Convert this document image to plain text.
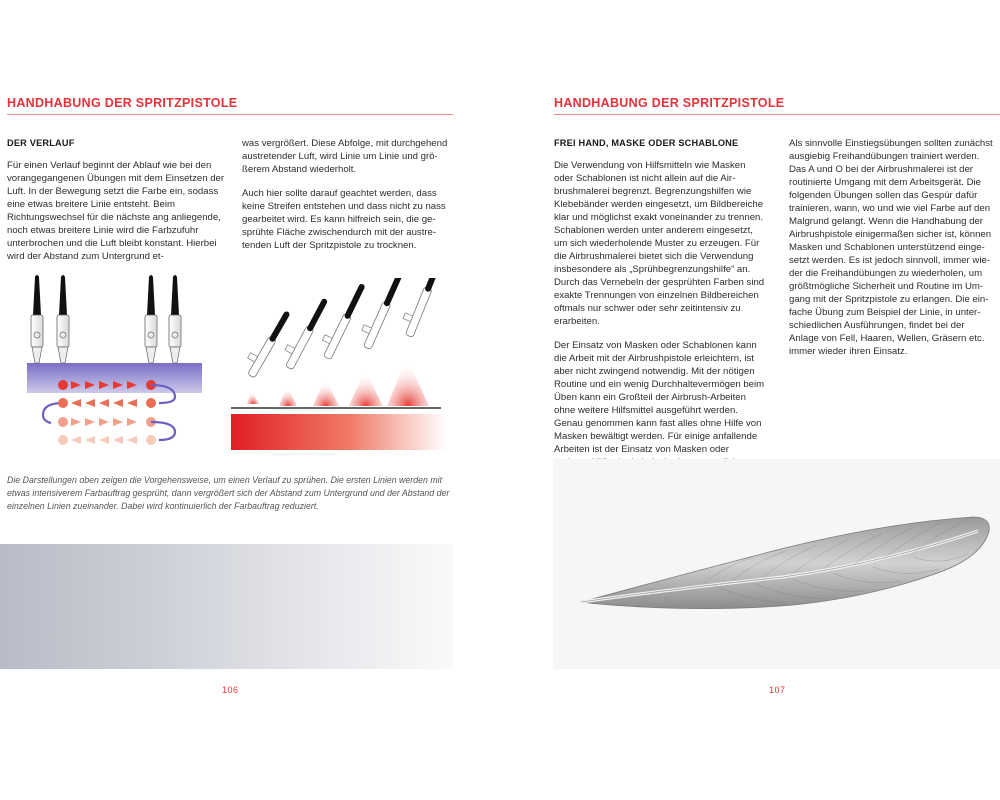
HANDHABUNG DER SPRITZPISTOLE
DER VERLAUF

Für einen Verlauf beginnt der Ablauf wie bei den vorangegangenen Übungen mit dem Einsetzen der Luft. In der Bewegung setzt die Farbe ein, sodass eine etwas breitere Linie entsteht. Beim Richtungswechsel für die nächste ang anliegende, noch etwas breitere Linie wird die Farbzufuhr unterbrochen und die Luft bleibt konstant. Hierbei wird der Abstand zum Untergrund et-

was vergrößert. Diese Abfolge, mit durchgehend austretender Luft, wird Linie um Linie und größerem Abstand wiederholt.

Auch hier sollte darauf geachtet werden, dass keine Streifen entstehen und dass nicht zu nass gearbeitet wird. Es kann hilfreich sein, die gesprühte Fläche zwischendurch mit der austretenden Luft der Spritzpistole zu trocknen.

Die Darstellungen oben zeigen die Vorgehensweise, um einen Verlauf zu sprühen. Die ersten Linien werden mit etwas intensiverem Farbauftrag gesprüht, dann vergrößert sich der Abstand zum Untergrund und der Abstand der einzelnen Linien zueinander. Dabei wird kontinuierlich der Farbauftrag reduziert.
106
HANDHABUNG DER SPRITZPISTOLE
FREI HAND, MASKE ODER SCHABLONE

Die Verwendung von Hilfsmitteln wie Masken oder Schablonen ist nicht allein auf die Airbrushmalerei begrenzt. Begrenzungshilfen wie Klebebänder werden eingesetzt, um Bildbereiche klar und möglichst exakt voneinander zu trennen. Schablonen werden unter anderem eingesetzt, um sich wiederholende Muster zu erzeugen. Für die Airbrushmalerei bietet sich die Verwendung insbesondere als „Sprühbegrenzungshilfe“ an. Durch das Vernebeln der gesprühten Farben sind exakte Trennungen von einzelnen Bildbereichen oftmals nur schwer oder sehr zeitintensiv zu erarbeiten.

Der Einsatz von Masken oder Schablonen kann die Arbeit mit der Airbrushpistole erleichtern, ist aber nicht zwingend notwendig. Mit der nötigen Routine und ein wenig Durchhaltevermögen beim Üben kann ein Großteil der Airbrush-Arbeiten ohne weitere Hilfsmittel ausgeführt werden. Genau genommen kann fast alles ohne Hilfe von Masken bewältigt werden. Für einige anfallende Arbeiten ist der Einsatz von Masken oder

Als sinnvolle Einstiegsübungen sollten zunächst ausgiebig Freihandübungen trainiert werden. Das A und O bei der Airbrushmalerei ist der routinierte Umgang mit dem Arbeitsgerät. Die folgenden Übungen sollen das Gespür dafür trainieren, wann, wo und wie viel Farbe auf den Malgrund gelangt. Wenn die Handhabung der Airbrushpistole einigermaßen sicher ist, können Masken und Schablonen unterstützend eingesetzt werden. Es ist jedoch sinnvoll, immer wieder die Freihandübungen zu wiederholen, um größtmögliche Sicherheit und Routine im Umgang mit der Spritzpistole zu erlangen. Die einfache Übung zum Beispiel der Linie, in unterschiedlichen Ausführungen, findet bei der Anlage von Fell, Haaren, Wellen, Gräsern etc. immer wieder ihren Einsatz.

107
